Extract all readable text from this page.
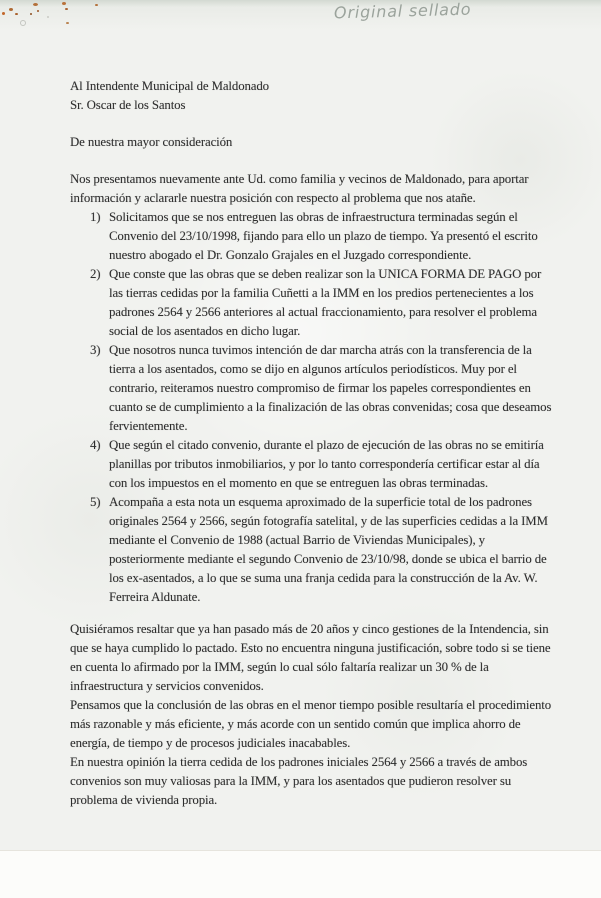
Original sellado

Al Intendente Municipal de Maldonado

Sr. Oscar de los Santos

De nuestra mayor consideración

Nos presentamos nuevamente ante Ud. como familia y vecinos de Maldonado, para aportar información y aclararle nuestra posición con respecto al problema que nos atañe.

1) Solicitamos que se nos entreguen las obras de infraestructura terminadas según el Convenio del 23/10/1998, fijando para ello un plazo de tiempo. Ya presentó el escrito nuestro abogado el Dr. Gonzalo Grajales en el Juzgado correspondiente.
2) Que conste que las obras que se deben realizar son la UNICA FORMA DE PAGO por las tierras cedidas por la familia Cuñetti a la IMM en los predios pertenecientes a los padrones 2564 y 2566 anteriores al actual fraccionamiento, para resolver el problema social de los asentados en dicho lugar.
3) Que nosotros nunca tuvimos intención de dar marcha atrás con la transferencia de la tierra a los asentados, como se dijo en algunos artículos periodísticos. Muy por el contrario, reiteramos nuestro compromiso de firmar los papeles correspondientes en cuanto se de cumplimiento a la finalización de las obras convenidas; cosa que deseamos fervientemente.
4) Que según el citado convenio, durante el plazo de ejecución de las obras no se emitiría planillas por tributos inmobiliarios, y por lo tanto correspondería certificar estar al día con los impuestos en el momento en que se entreguen las obras terminadas.
5) Acompaña a esta nota un esquema aproximado de la superficie total de los padrones originales 2564 y 2566, según fotografía satelital, y de las superficies cedidas a la IMM mediante el Convenio de 1988 (actual Barrio de Viviendas Municipales), y posteriormente mediante el segundo Convenio de 23/10/98, donde se ubica el barrio de los ex-asentados, a lo que se suma una franja cedida para la construcción de la Av. W. Ferreira Aldunate.

Quisiéramos resaltar que ya han pasado más de 20 años y cinco gestiones de la Intendencia, sin que se haya cumplido lo pactado. Esto no encuentra ninguna justificación, sobre todo si se tiene en cuenta lo afirmado por la IMM, según lo cual sólo faltaría realizar un 30 % de la infraestructura y servicios convenidos.

Pensamos que la conclusión de las obras en el menor tiempo posible resultaría el procedimiento más razonable y más eficiente, y más acorde con un sentido común que implica ahorro de energía, de tiempo y de procesos judiciales inacabables.

En nuestra opinión la tierra cedida de los padrones iniciales 2564 y 2566 a través de ambos convenios son muy valiosas para la IMM, y para los asentados que pudieron resolver su problema de vivienda propia.
